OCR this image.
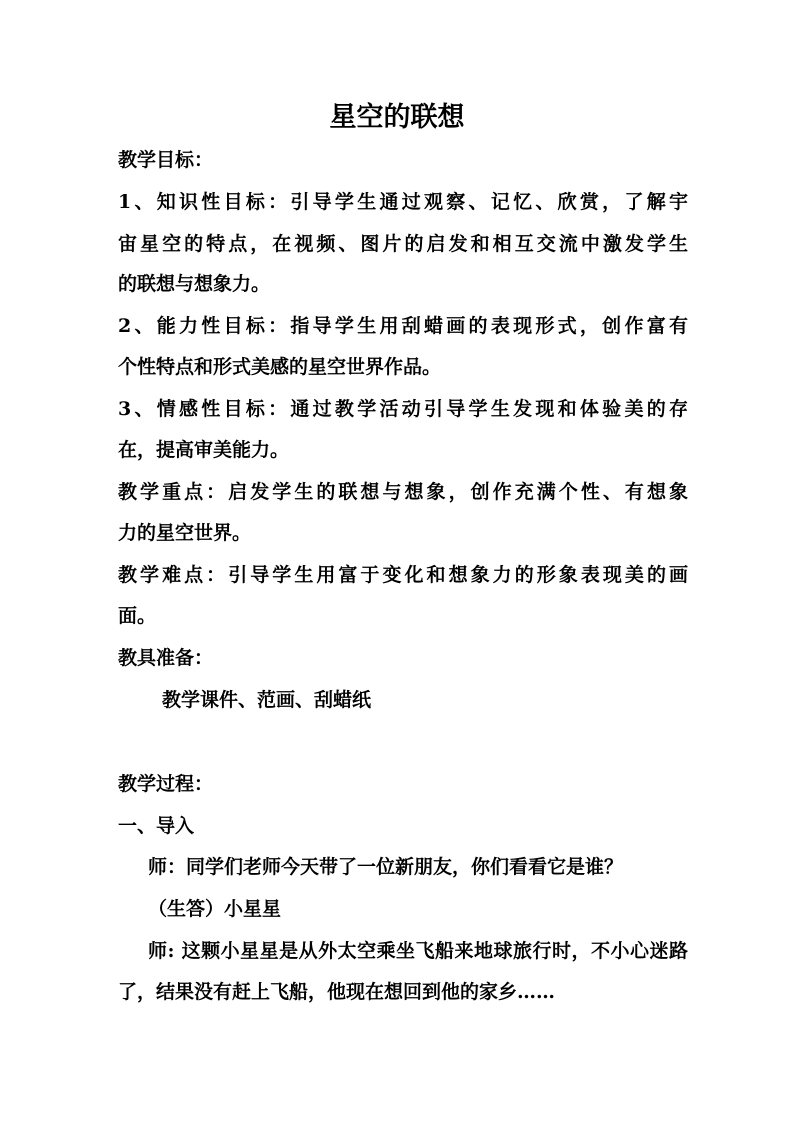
星空的联想
教学目标：
1、知识性目标：引导学生通过观察、记忆、欣赏，了解宇
宙星空的特点，在视频、图片的启发和相互交流中激发学生
的联想与想象力。
2、能力性目标：指导学生用刮蜡画的表现形式，创作富有
个性特点和形式美感的星空世界作品。
3、情感性目标：通过教学活动引导学生发现和体验美的存
在，提高审美能力。
教学重点：启发学生的联想与想象，创作充满个性、有想象
力的星空世界。
教学难点：引导学生用富于变化和想象力的形象表现美的画
面。
教具准备：
教学课件、范画、刮蜡纸
教学过程：
一、导入
师：同学们老师今天带了一位新朋友，你们看看它是谁？
（生答）小星星
师: 这颗小星星是从外太空乘坐飞船来地球旅行时，不小心迷路
了，结果没有赶上飞船，他现在想回到他的家乡……
